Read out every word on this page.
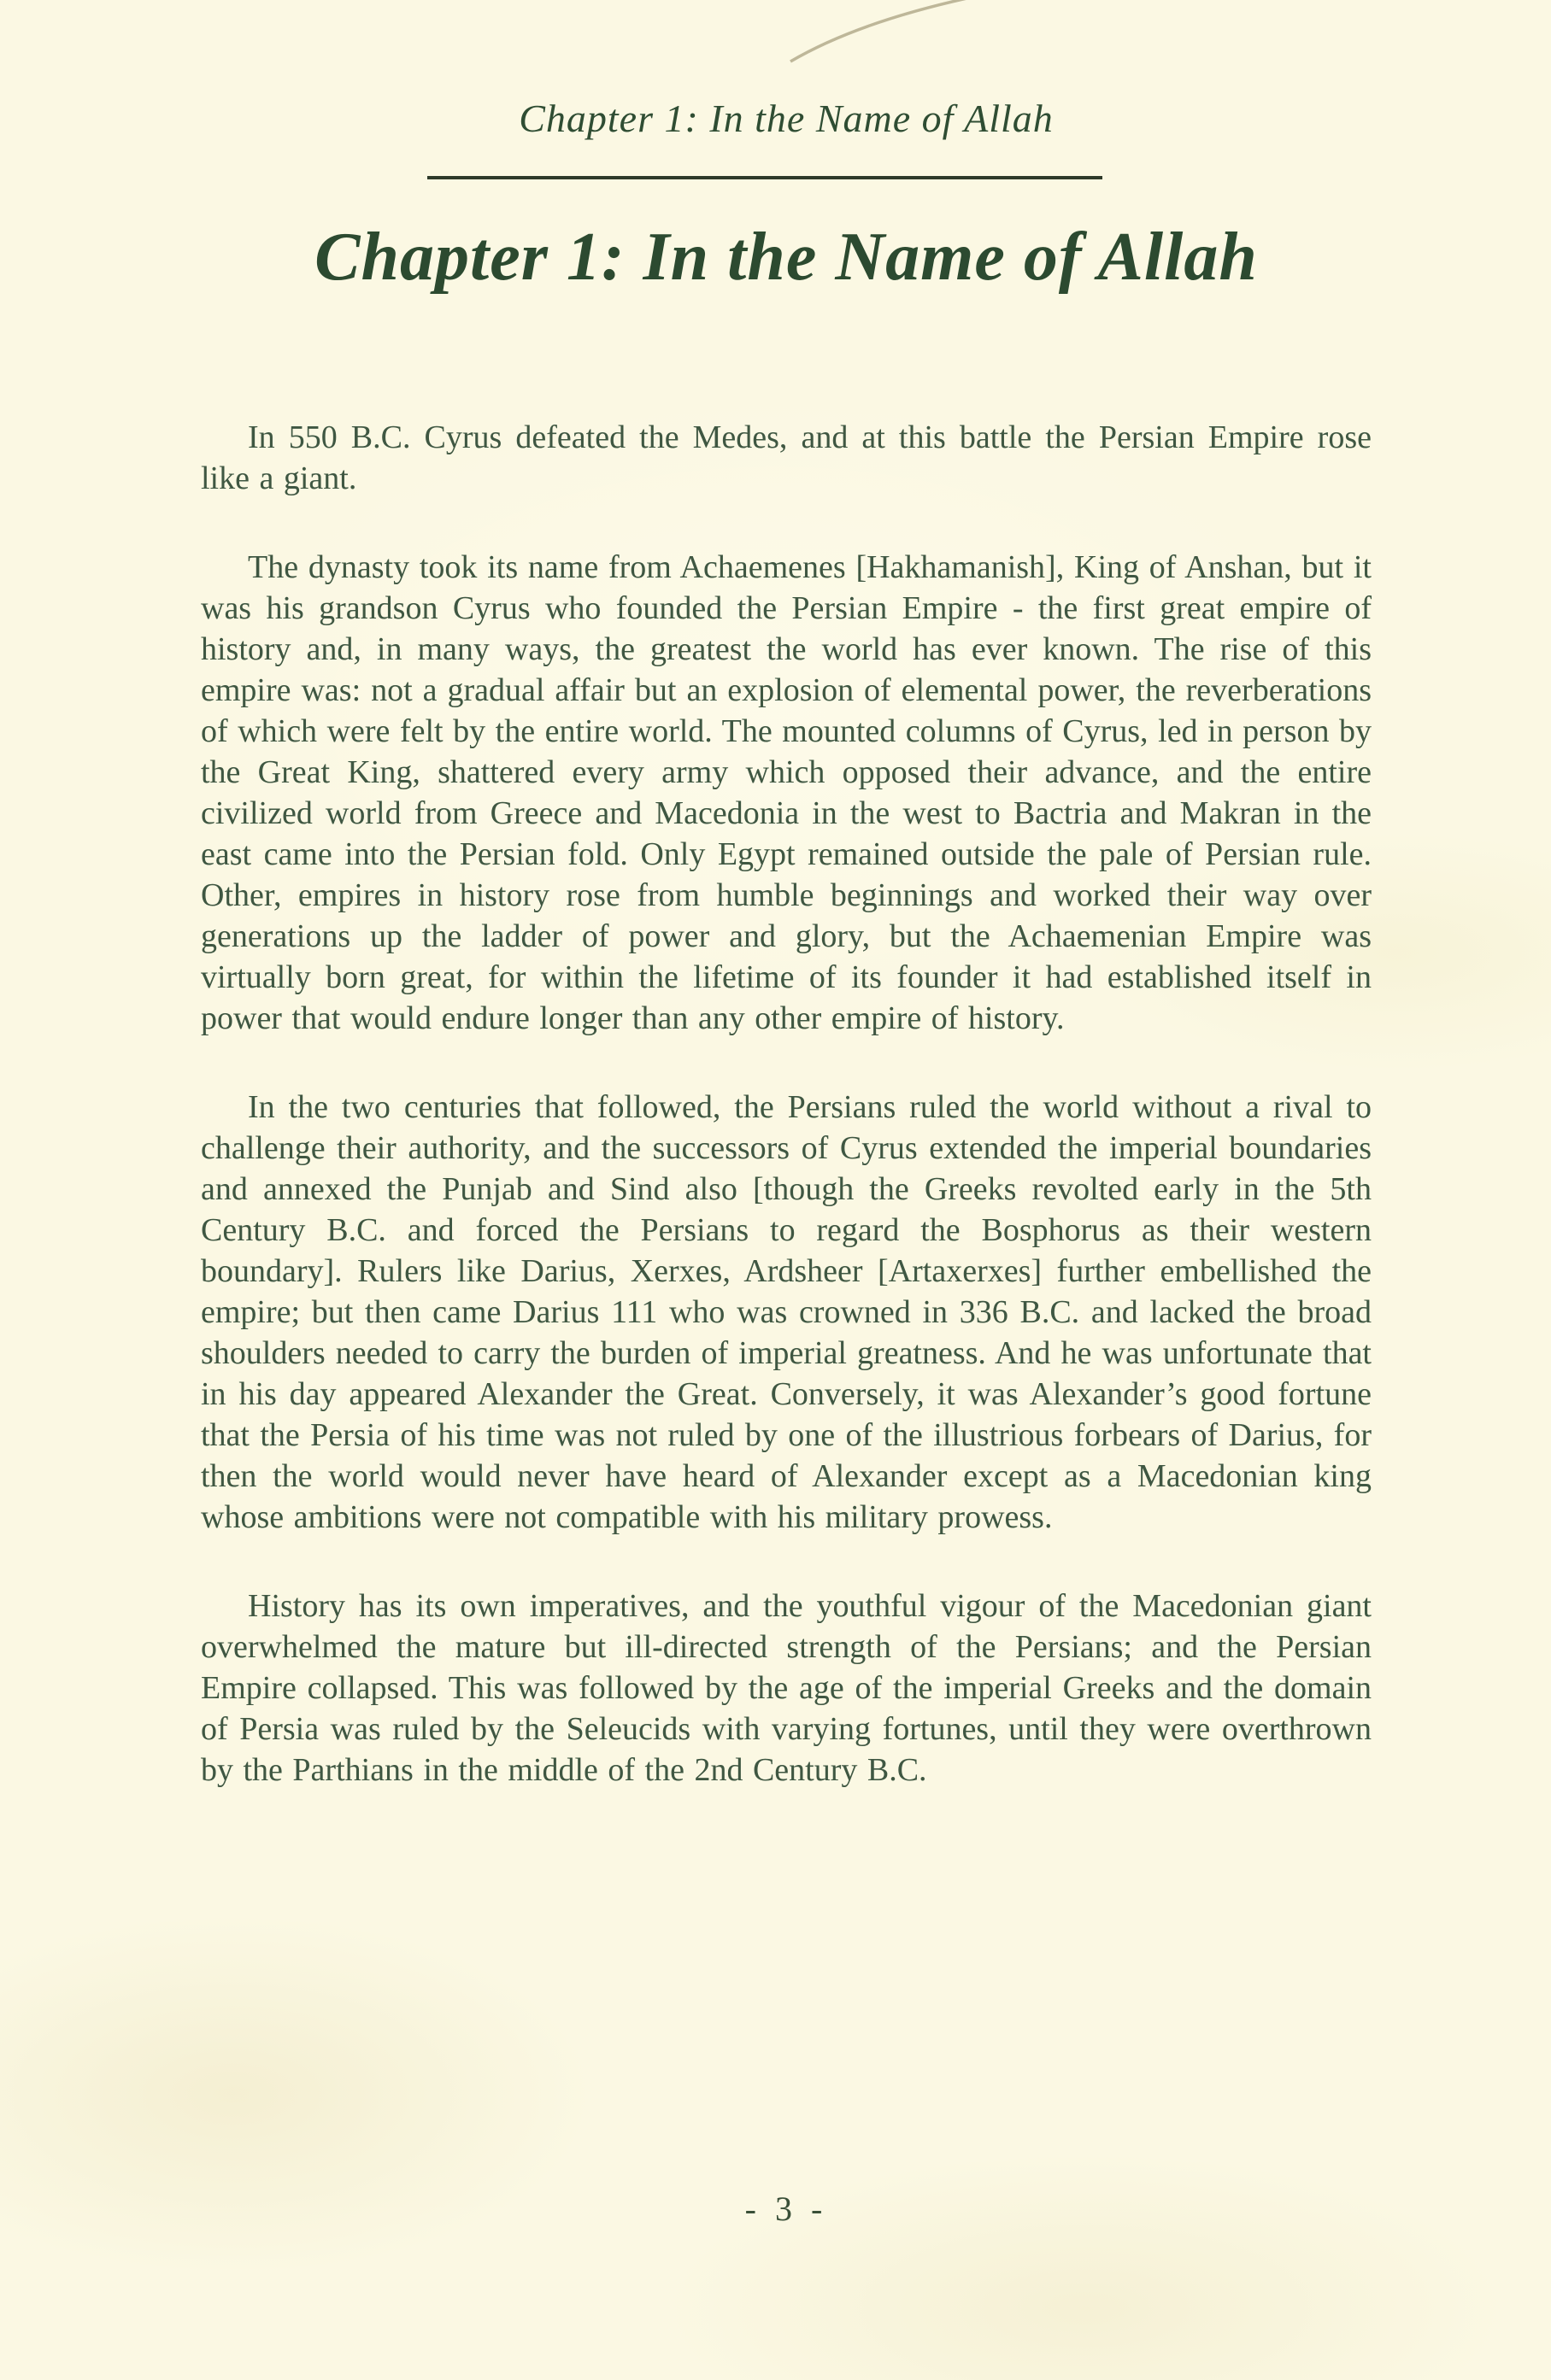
Chapter 1: In the Name of Allah
Chapter 1: In the Name of Allah

In 550 B.C. Cyrus defeated the Medes, and at this battle the Persian Empire rose like a giant.

The dynasty took its name from Achaemenes [Hakhamanish], King of Anshan, but it was his grandson Cyrus who founded the Persian Empire - the first great empire of history and, in many ways, the greatest the world has ever known. The rise of this empire was: not a gradual affair but an explosion of elemental power, the reverberations of which were felt by the entire world. The mounted columns of Cyrus, led in person by the Great King, shattered every army which opposed their advance, and the entire civilized world from Greece and Macedonia in the west to Bactria and Makran in the east came into the Persian fold. Only Egypt remained outside the pale of Persian rule. Other, empires in history rose from humble beginnings and worked their way over generations up the ladder of power and glory, but the Achaemenian Empire was virtually born great, for within the lifetime of its founder it had established itself in power that would endure longer than any other empire of history.

In the two centuries that followed, the Persians ruled the world without a rival to challenge their authority, and the successors of Cyrus extended the imperial boundaries and annexed the Punjab and Sind also [though the Greeks revolted early in the 5th Century B.C. and forced the Persians to regard the Bosphorus as their western boundary]. Rulers like Darius, Xerxes, Ardsheer [Artaxerxes] further embellished the empire; but then came Darius 111 who was crowned in 336 B.C. and lacked the broad shoulders needed to carry the burden of imperial greatness. And he was unfortunate that in his day appeared Alexander the Great. Conversely, it was Alexander’s good fortune that the Persia of his time was not ruled by one of the illustrious forbears of Darius, for then the world would never have heard of Alexander except as a Macedonian king whose ambitions were not compatible with his military prowess.

History has its own imperatives, and the youthful vigour of the Macedonian giant overwhelmed the mature but ill-directed strength of the Persians; and the Persian Empire collapsed. This was followed by the age of the imperial Greeks and the domain of Persia was ruled by the Seleucids with varying fortunes, until they were overthrown by the Parthians in the middle of the 2nd Century B.C.

- 3 -
